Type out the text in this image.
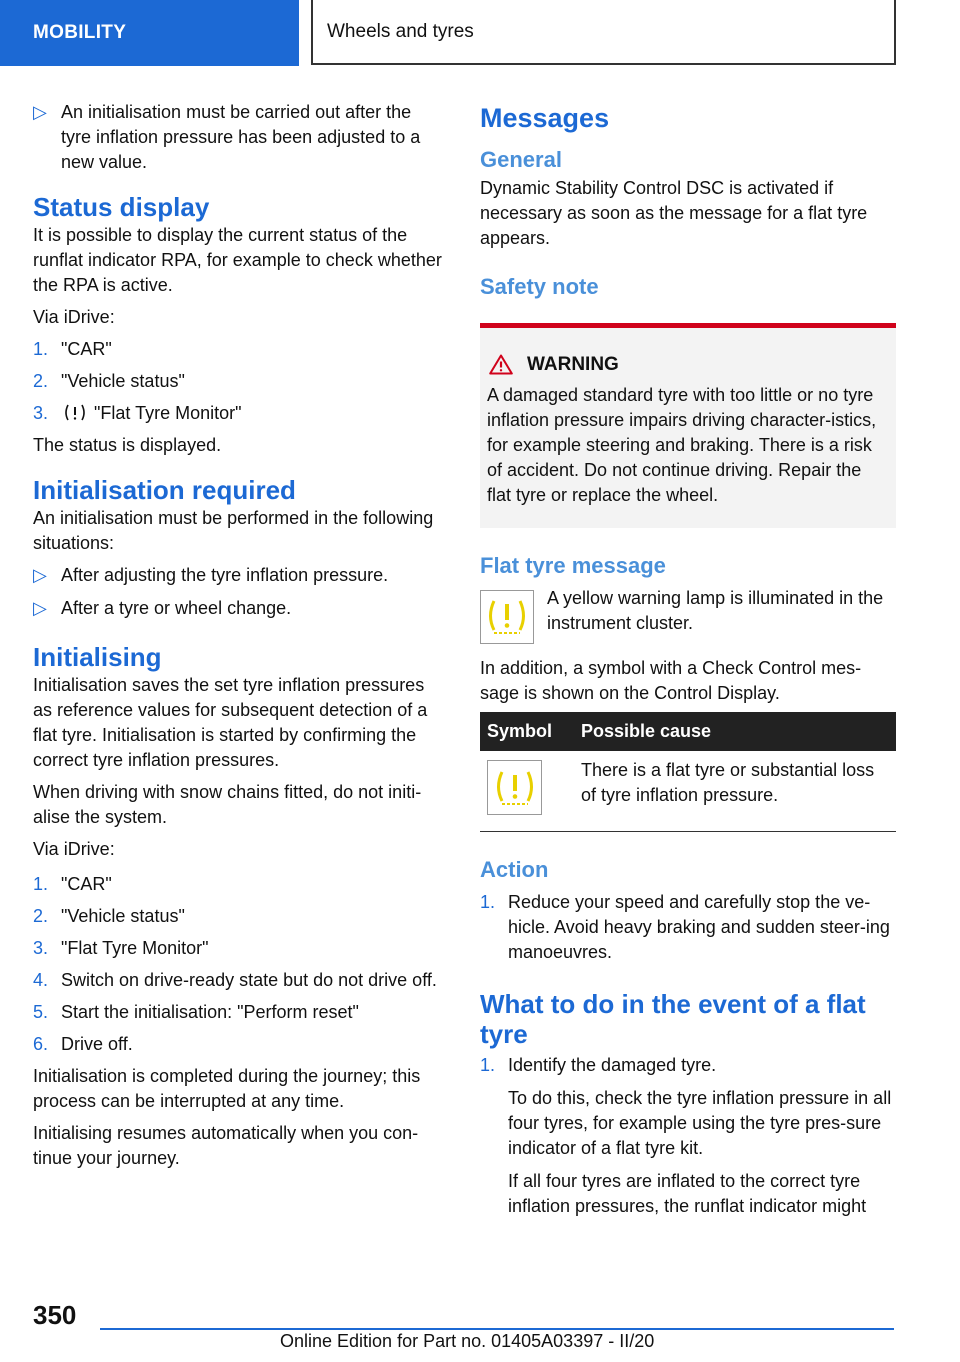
MOBILITY	Wheels and tyres
▷ An initialisation must be carried out after the tyre inflation pressure has been adjusted to a new value.
Status display

It is possible to display the current status of the runflat indicator RPA, for example to check whether the RPA is active.

Via iDrive:

1. "CAR"
2. "Vehicle status"
3.	"Flat Tyre Monitor"

The status is displayed.

Initialisation required

An initialisation must be performed in the following situations:

▷ After adjusting the tyre inflation pressure.
▷ After a tyre or wheel change.
Initialising

Initialisation saves the set tyre inflation pressures as reference values for subsequent detection of a flat tyre. Initialisation is started by confirming the correct tyre inflation pressures.

When driving with snow chains fitted, do not initi-alise the system.

Via iDrive:

1. "CAR"
2. "Vehicle status"
3. "Flat Tyre Monitor"
4. Switch on drive-ready state but do not drive off.
5. Start the initialisation: "Perform reset"
6. Drive off.

Initialisation is completed during the journey; this process can be interrupted at any time.

Initialising resumes automatically when you con-tinue your journey.

Messages
General

Dynamic Stability Control DSC is activated if necessary as soon as the message for a flat tyre appears.

Safety note
WARNING

A damaged standard tyre with too little or no tyre inflation pressure impairs driving character-istics, for example steering and braking. There is a risk of accident. Do not continue driving. Repair the flat tyre or replace the wheel.

Flat tyre message

A yellow warning lamp is illuminated in the instrument cluster.

In addition, a symbol with a Check Control mes-sage is shown on the Control Display.

Symbol	Possible cause

	There is a flat tyre or substantial loss of tyre inflation pressure.
Action
1. Reduce your speed and carefully stop the ve-hicle. Avoid heavy braking and sudden steer-ing manoeuvres.
What to do in the event of a flat tyre
1. Identify the damaged tyre.

To do this, check the tyre inflation pressure in all four tyres, for example using the tyre pres-sure indicator of a flat tyre kit.

If all four tyres are inflated to the correct tyre inflation pressures, the runflat indicator might

350
Online Edition for Part no. 01405A03397 - II/20
